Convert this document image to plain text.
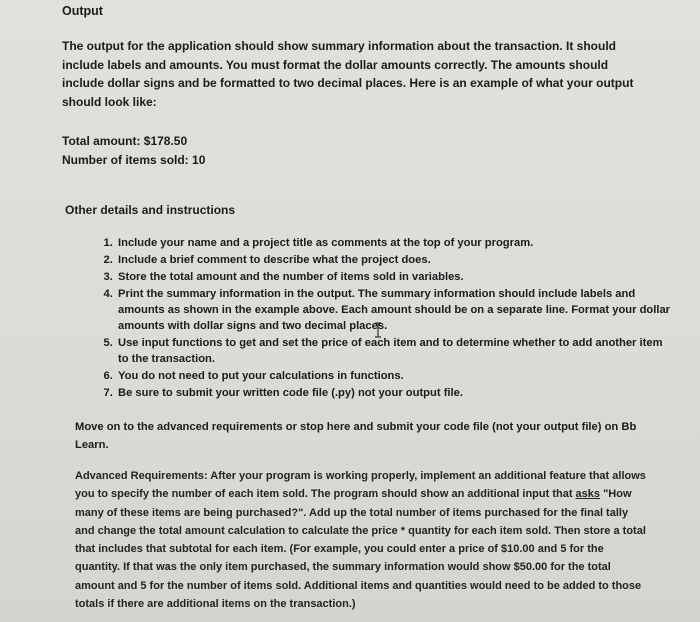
Output

The output for the application should show summary information about the transaction. It should include labels and amounts. You must format the dollar amounts correctly. The amounts should include dollar signs and be formatted to two decimal places. Here is an example of what your output should look like:

Total amount: $178.50
Number of items sold: 10
Other details and instructions
1. Include your name and a project title as comments at the top of your program.
2. Include a brief comment to describe what the project does.
3. Store the total amount and the number of items sold in variables.
4. Print the summary information in the output. The summary information should include labels and amounts as shown in the example above. Each amount should be on a separate line. Format your dollar amounts with dollar signs and two decimal places.
5. Use input functions to get and set the price of each item and to determine whether to add another item to the transaction.
6. You do not need to put your calculations in functions.
7. Be sure to submit your written code file (.py) not your output file.

Move on to the advanced requirements or stop here and submit your code file (not your output file) on Bb Learn.

Advanced Requirements: After your program is working properly, implement an additional feature that allows you to specify the number of each item sold. The program should show an additional input that asks "How many of these items are being purchased?". Add up the total number of items purchased for the final tally and change the total amount calculation to calculate the price * quantity for each item sold. Then store a total that includes that subtotal for each item. (For example, you could enter a price of $10.00 and 5 for the quantity. If that was the only item purchased, the summary information would show $50.00 for the total amount and 5 for the number of items sold. Additional items and quantities would need to be added to those totals if there are additional items on the transaction.)
